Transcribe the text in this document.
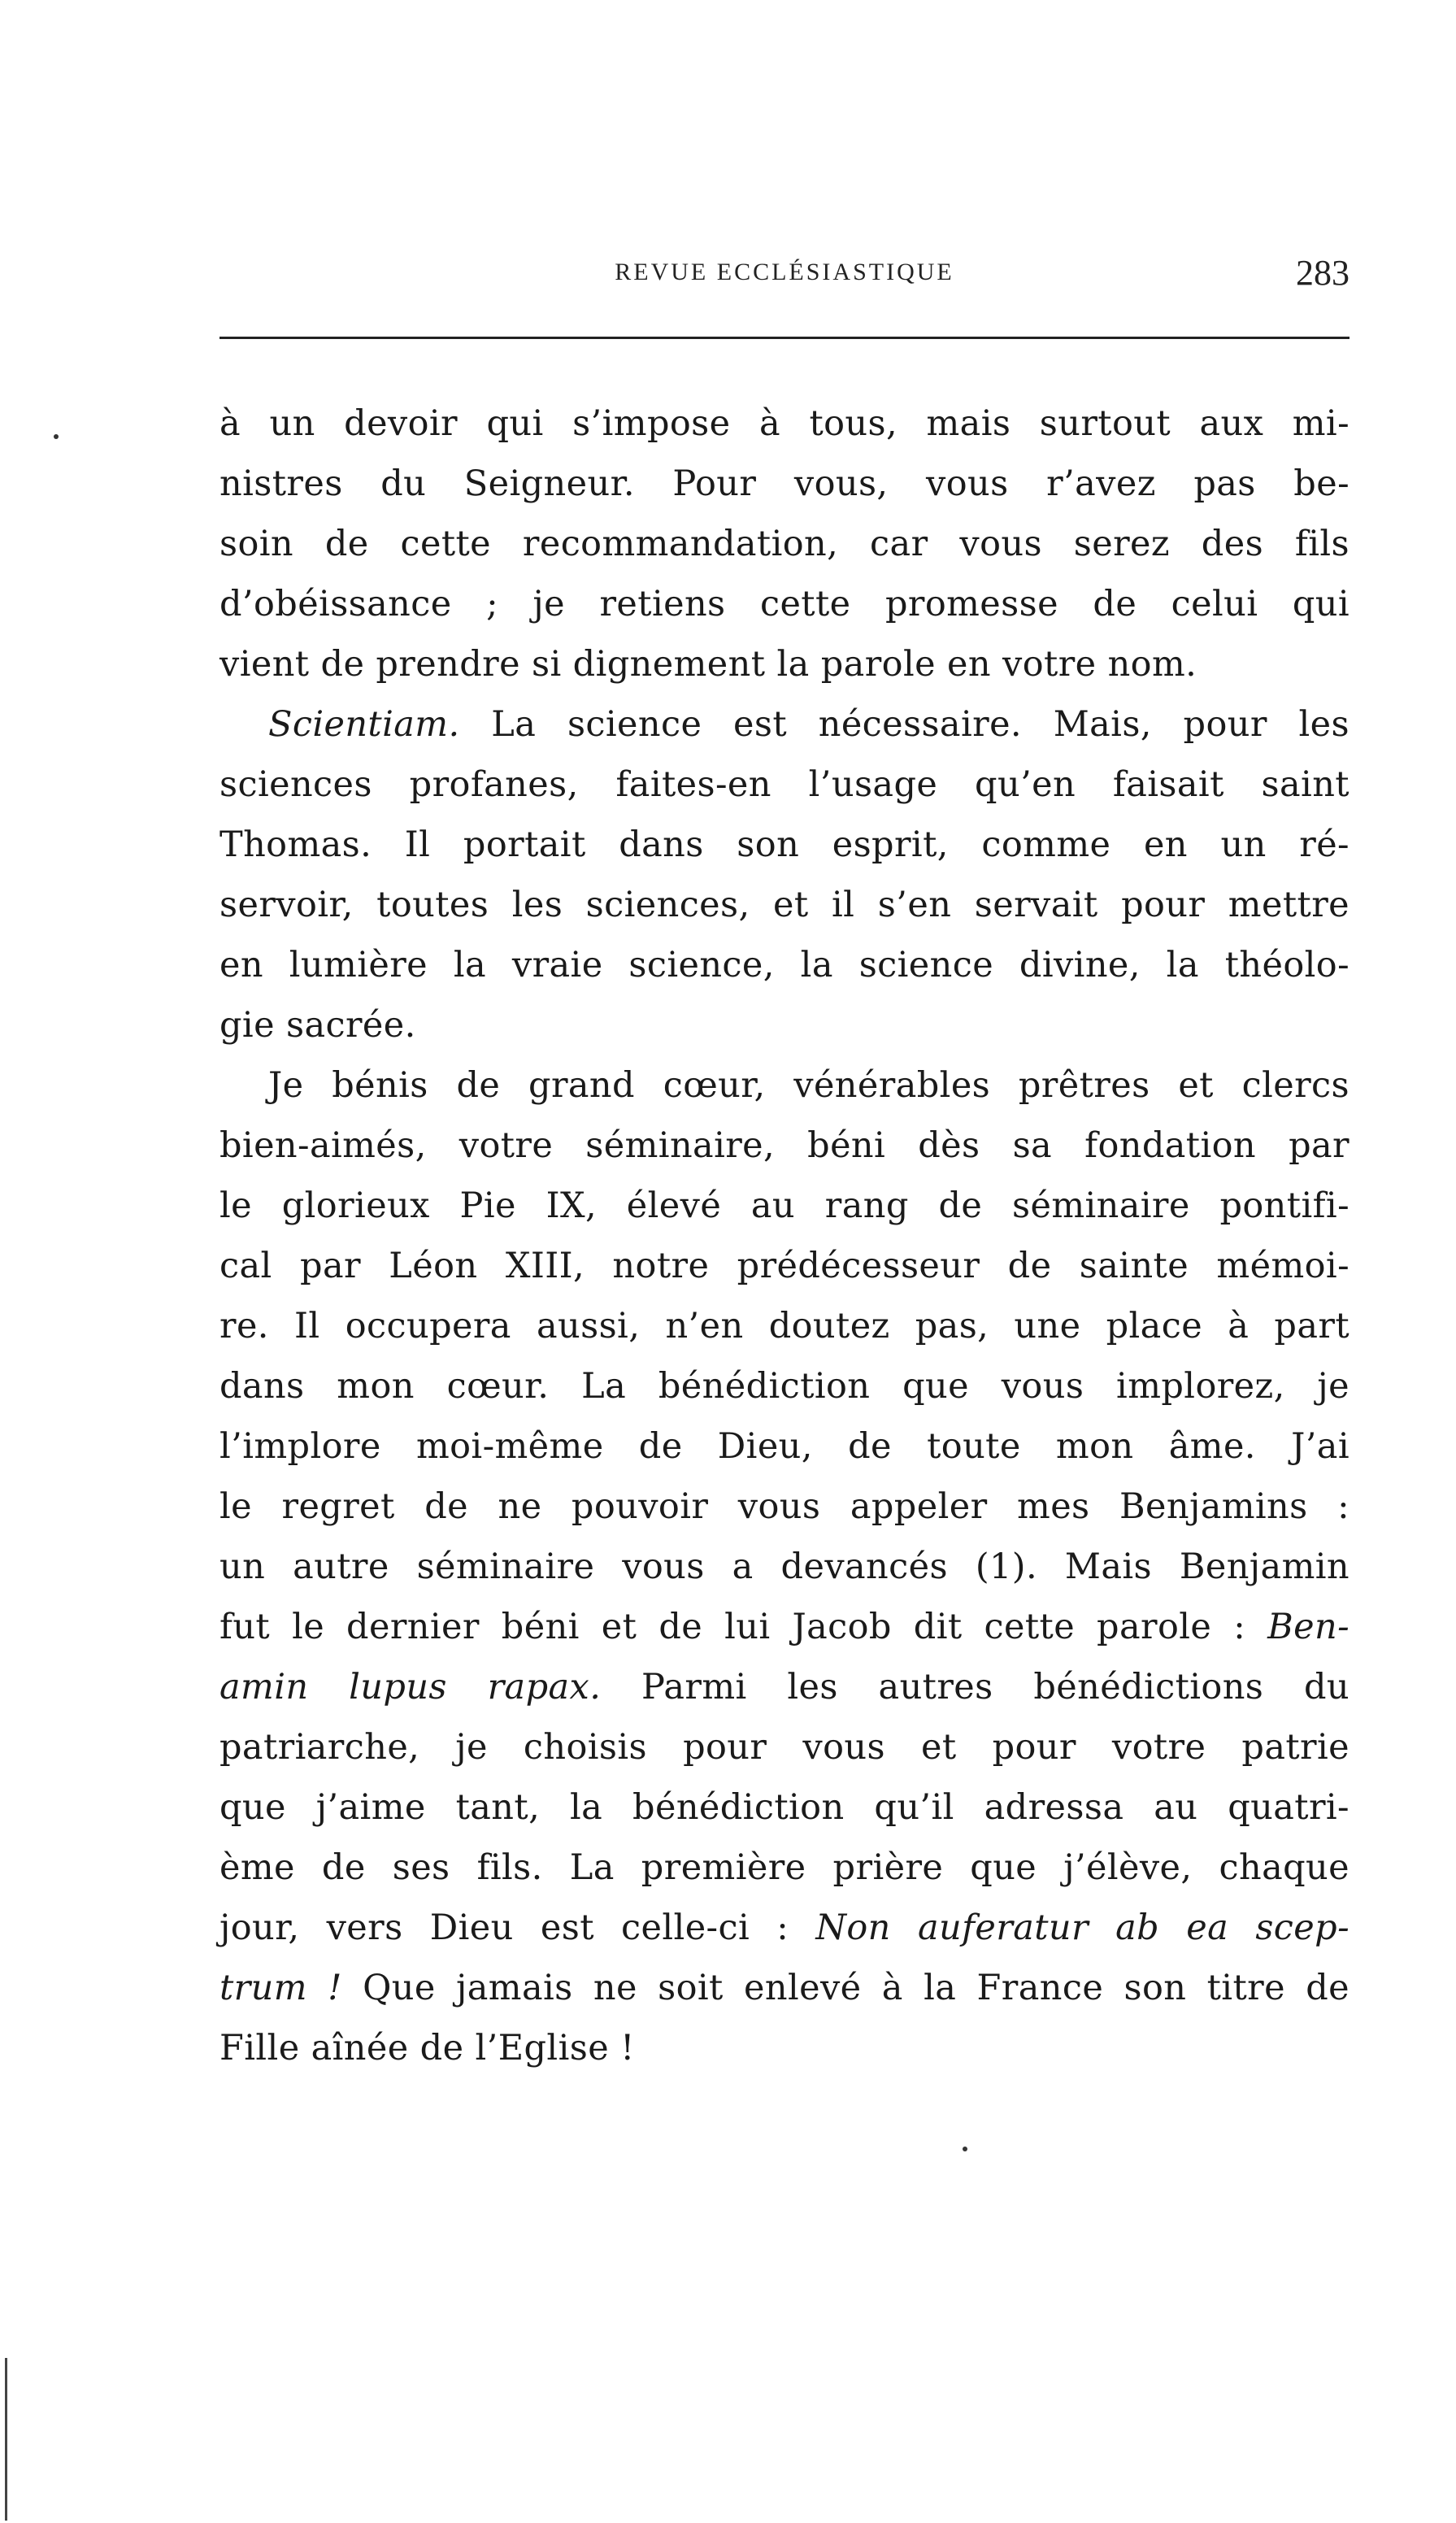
REVUE ECCLÉSIASTIQUE	283
à un devoir qui s’impose à tous, mais surtout aux mi-
nistres du Seigneur. Pour vous, vous r’avez pas be-
soin de cette recommandation, car vous serez des fils
d’obéissance ; je retiens cette promesse de celui qui
vient de prendre si dignement la parole en votre nom.
Scientiam. La science est nécessaire. Mais, pour les
sciences profanes, faites-en l’usage qu’en faisait saint
Thomas. Il portait dans son esprit, comme en un ré-
servoir, toutes les sciences, et il s’en servait pour mettre
en lumière la vraie science, la science divine, la théolo-
gie sacrée.
Je bénis de grand cœur, vénérables prêtres et clercs
bien-aimés, votre séminaire, béni dès sa fondation par
le glorieux Pie IX, élevé au rang de séminaire pontifi-
cal par Léon XIII, notre prédécesseur de sainte mémoi-
re. Il occupera aussi, n’en doutez pas, une place à part
dans mon cœur. La bénédiction que vous implorez, je
l’implore moi-même de Dieu, de toute mon âme. J’ai
le regret de ne pouvoir vous appeler mes Benjamins :
un autre séminaire vous a devancés (1). Mais Benjamin
fut le dernier béni et de lui Jacob dit cette parole : Ben-
amin lupus rapax. Parmi les autres bénédictions du
patriarche, je choisis pour vous et pour votre patrie
que j’aime tant, la bénédiction qu’il adressa au quatri-
ème de ses fils. La première prière que j’élève, chaque
jour, vers Dieu est celle-ci : Non auferatur ab ea scep-
trum ! Que jamais ne soit enlevé à la France son titre de
Fille aînée de l’Eglise !
